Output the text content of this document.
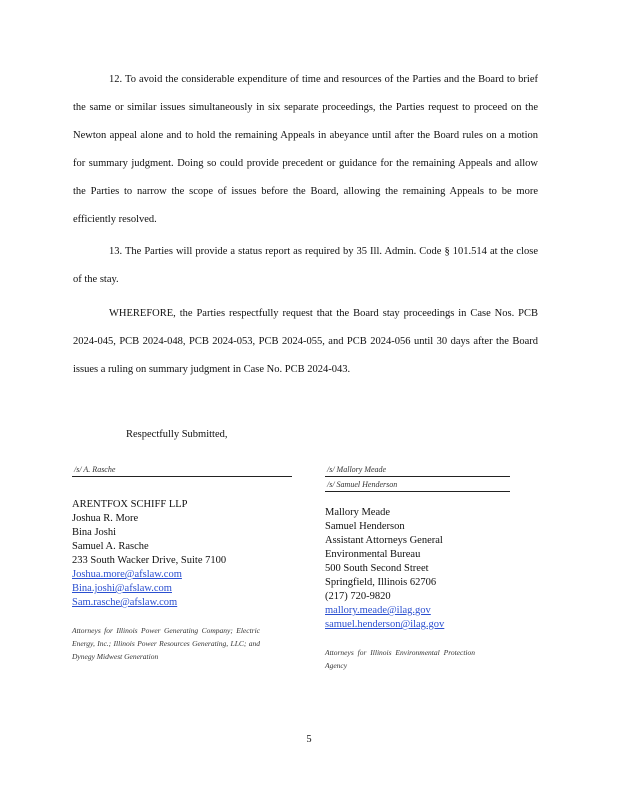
12. To avoid the considerable expenditure of time and resources of the Parties and the Board to brief the same or similar issues simultaneously in six separate proceedings, the Parties request to proceed on the Newton appeal alone and to hold the remaining Appeals in abeyance until after the Board rules on a motion for summary judgment. Doing so could provide precedent or guidance for the remaining Appeals and allow the Parties to narrow the scope of issues before the Board, allowing the remaining Appeals to be more efficiently resolved.
13. The Parties will provide a status report as required by 35 Ill. Admin. Code § 101.514 at the close of the stay.
WHEREFORE, the Parties respectfully request that the Board stay proceedings in Case Nos. PCB 2024-045, PCB 2024-048, PCB 2024-053, PCB 2024-055, and PCB 2024-056 until 30 days after the Board issues a ruling on summary judgment in Case No. PCB 2024-043.
Respectfully Submitted,
/s/ A. Rasche	/s/ Mallory Meade
/s/ Samuel Henderson
ARENTFOX SCHIFF LLP
Joshua R. More
Bina Joshi
Samuel A. Rasche
233 South Wacker Drive, Suite 7100
Joshua.more@afslaw.com
Bina.joshi@afslaw.com
Sam.rasche@afslaw.com
Attorneys for Illinois Power Generating Company; Electric Energy, Inc.; Illinois Power Resources Generating, LLC; and Dynegy Midwest Generation
Mallory Meade
Samuel Henderson
Assistant Attorneys General
Environmental Bureau
500 South Second Street
Springfield, Illinois 62706
(217) 720-9820
mallory.meade@ilag.gov
samuel.henderson@ilag.gov
Attorneys for Illinois Environmental Protection Agency
5
